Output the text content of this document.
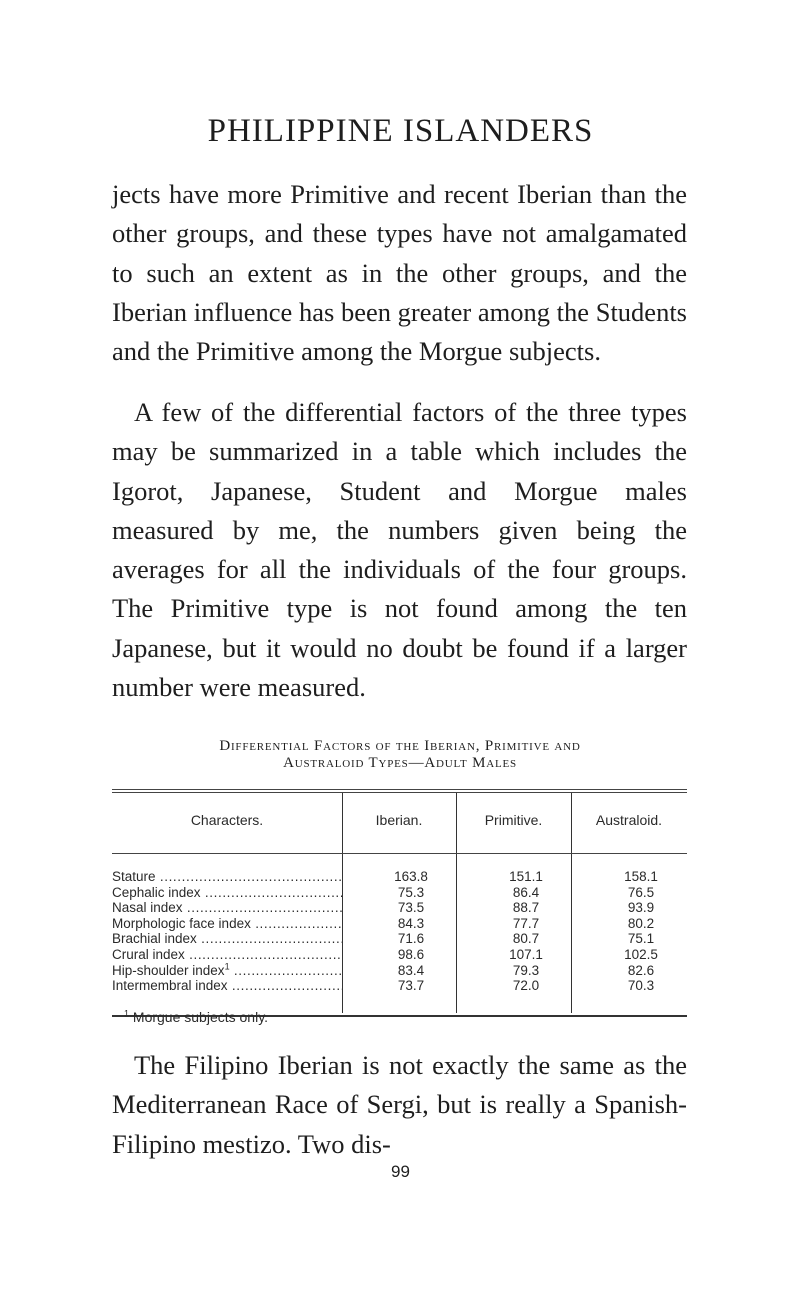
PHILIPPINE ISLANDERS

jects have more Primitive and recent Iberian than the other groups, and these types have not amalgamated to such an extent as in the other groups, and the Iberian influence has been greater among the Students and the Primitive among the Morgue subjects.

A few of the differential factors of the three types may be summarized in a table which includes the Igorot, Japanese, Student and Morgue males measured by me, the numbers given being the averages for all the individuals of the four groups. The Primitive type is not found among the ten Japanese, but it would no doubt be found if a larger number were measured.

Differential Factors of the Iberian, Primitive and
Australoid Types—Adult Males
Characters.	Iberian.	Primitive.	Australoid.
Stature .....	163.8	151.1	158.1
Cephalic index .....	75.3	86.4	76.5
Nasal index .....	73.5	88.7	93.9
Morphologic face index .....	84.3	77.7	80.2
Brachial index .....	71.6	80.7	75.1
Crural index .....	98.6	107.1	102.5
Hip-shoulder index$^1$ .....	83.4	79.3	82.6
Intermembral index .....	73.7	72.0	70.3

$^1$ Morgue subjects only.

The Filipino Iberian is not exactly the same as the Mediterranean Race of Sergi, but is really a Spanish-Filipino mestizo. Two dis-

99
